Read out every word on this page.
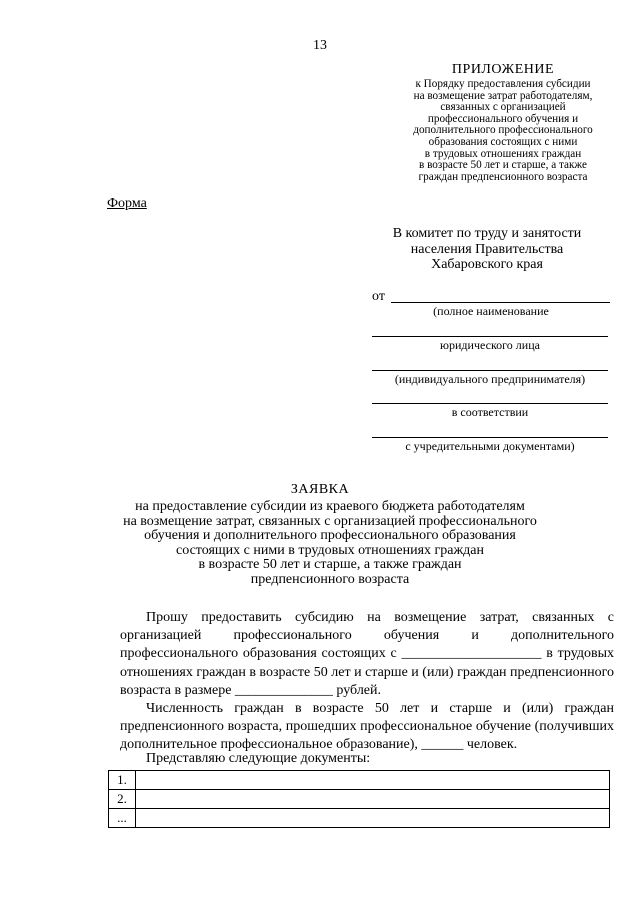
13
ПРИЛОЖЕНИЕ
к Порядку предоставления субсидии
на возмещение затрат работодателям,
связанных с организацией
профессионального обучения и
дополнительного профессионального
образования состоящих с ними
в трудовых отношениях граждан
в возрасте 50 лет и старше, а также
граждан предпенсионного возраста
Форма
В комитет по труду и занятости
населения Правительства
Хабаровского края
от
(полное наименование
юридического лица
(индивидуального предпринимателя)
в соответствии
с учредительными документами)
ЗАЯВКА
на предоставление субсидии из краевого бюджета работодателям
на возмещение затрат, связанных с организацией профессионального
обучения и дополнительного профессионального образования
состоящих с ними в трудовых отношениях граждан
в возрасте 50 лет и старше, а также граждан
предпенсионного возраста
Прошу предоставить субсидию на возмещение затрат, связанных с организацией профессионального обучения и дополнительного профессионального образования состоящих с ____________________ в трудовых отношениях граждан в возрасте 50 лет и старше и (или) граждан предпенсионного возраста в размере ______________ рублей.
Численность граждан в возрасте 50 лет и старше и (или) граждан предпенсионного возраста, прошедших профессиональное обучение (получивших дополнительное профессиональное образование), ______ человек.
Представляю следующие документы:
1.	
2.	
...	
